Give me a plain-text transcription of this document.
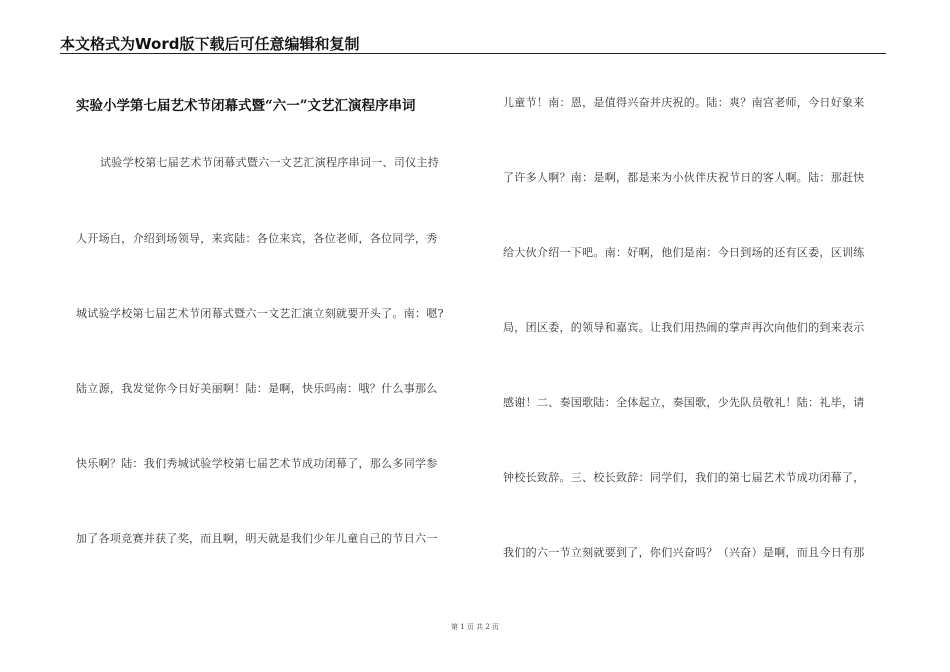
本文格式为Word版下载后可任意编辑和复制
实验小学第七届艺术节闭幕式暨“六一”文艺汇演程序串词
试验学校第七届艺术节闭幕式暨六一文艺汇演程序串词一、司仪主持
人开场白，介绍到场领导，来宾陆：各位来宾，各位老师，各位同学，秀
城试验学校第七届艺术节闭幕式暨六一文艺汇演立刻就要开头了。南：嗯?
陆立源，我发觉你今日好美丽啊！陆：是啊，快乐吗南：哦？什么事那么
快乐啊？陆：我们秀城试验学校第七届艺术节成功闭幕了，那么多同学参
加了各项竞赛并获了奖，而且啊，明天就是我们少年儿童自己的节日六一
儿童节！南：恩，是值得兴奋并庆祝的。陆：爽？南宫老师，今日好象来
了许多人啊？南：是啊，都是来为小伙伴庆祝节日的客人啊。陆：那赶快
给大伙介绍一下吧。南：好啊，他们是南：今日到场的还有区委，区训练
局，团区委，的领导和嘉宾。让我们用热闹的掌声再次向他们的到来表示
感谢！二、奏国歌陆：全体起立，奏国歌，少先队员敬礼！陆：礼毕，请
钟校长致辞。三、校长致辞：同学们，我们的第七届艺术节成功闭幕了，
我们的六一节立刻就要到了，你们兴奋吗？（兴奋）是啊，而且今日有那
第 1 页 共 2 页
